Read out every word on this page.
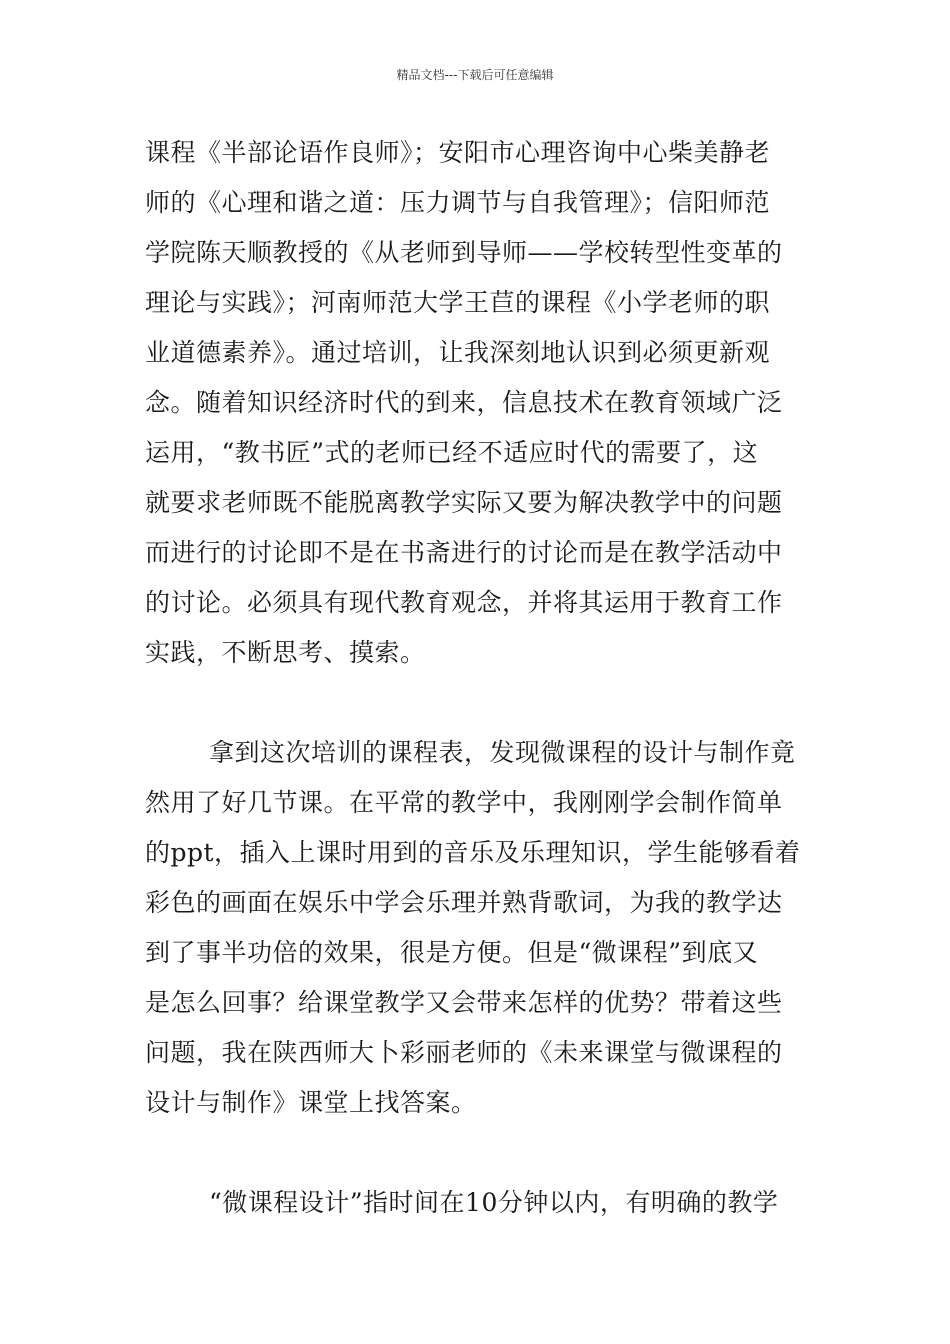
精品文档---下载后可任意编辑
课程《半部论语作良师》；安阳市心理咨询中心柴美静老
师的《心理和谐之道：压力调节与自我管理》；信阳师范
学院陈天顺教授的《从老师到导师——学校转型性变革的
理论与实践》；河南师范大学王苣的课程《小学老师的职
业道德素养》。通过培训，让我深刻地认识到必须更新观
念。随着知识经济时代的到来，信息技术在教育领域广泛
运用，“教书匠”式的老师已经不适应时代的需要了，这
就要求老师既不能脱离教学实际又要为解决教学中的问题
而进行的讨论即不是在书斋进行的讨论而是在教学活动中
的讨论。必须具有现代教育观念，并将其运用于教育工作
实践，不断思考、摸索。
拿到这次培训的课程表，发现微课程的设计与制作竟
然用了好几节课。在平常的教学中，我刚刚学会制作简单
的ppt，插入上课时用到的音乐及乐理知识，学生能够看着
彩色的画面在娱乐中学会乐理并熟背歌词，为我的教学达
到了事半功倍的效果，很是方便。但是“微课程”到底又
是怎么回事？给课堂教学又会带来怎样的优势？带着这些
问题，我在陕西师大卜彩丽老师的《未来课堂与微课程的
设计与制作》课堂上找答案。
“微课程设计”指时间在10分钟以内，有明确的教学
